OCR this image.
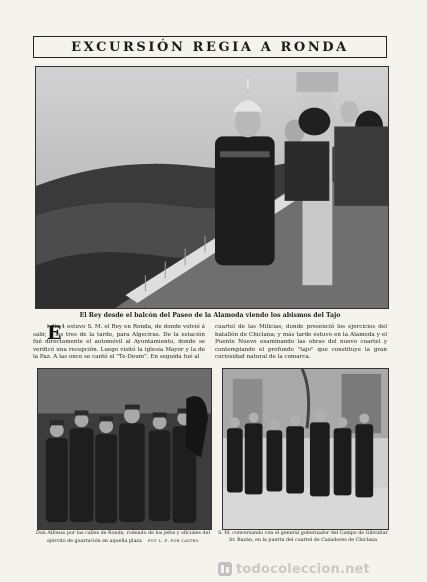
EXCURSIÓN REGIA A RONDA
El Rey desde el balcón del Paseo de la Alamoda viendo los abismos del Tajo
E
l día 4 estuvo S. M. el Rey en Ronda, de donde volvió á salir, á las tres de la tarde, para Algeciras. De la estación fué directamente el automóvil al Ayuntamiento, donde se verificó una recepción. Luego visitó la iglesia Mayor y la de la Paz. A las once se cantó el "Te-Deum". En seguida fué al
cuartel de las Milicias, donde presenció los ejercicios del batallón de Chiclana; y más tarde estuvo en la Alameda y el Puente Nuevo examinando las obras del nuevo cuartel y contemplando el profundo "tajo" que constituye la gran curiosidad natural de la comarca.
Don Alfonso por las calles de Ronda, rodeado de los jefes y oficiales del ejército de guarnición en aquella plaza FOT. L. P., POR CASTRO
S. M. conversando con el general gobernador del Campo de Gibraltar Sr. Bazán, en la puerta del cuartel de Cazadores de Chiclana
todocoleccion.net
